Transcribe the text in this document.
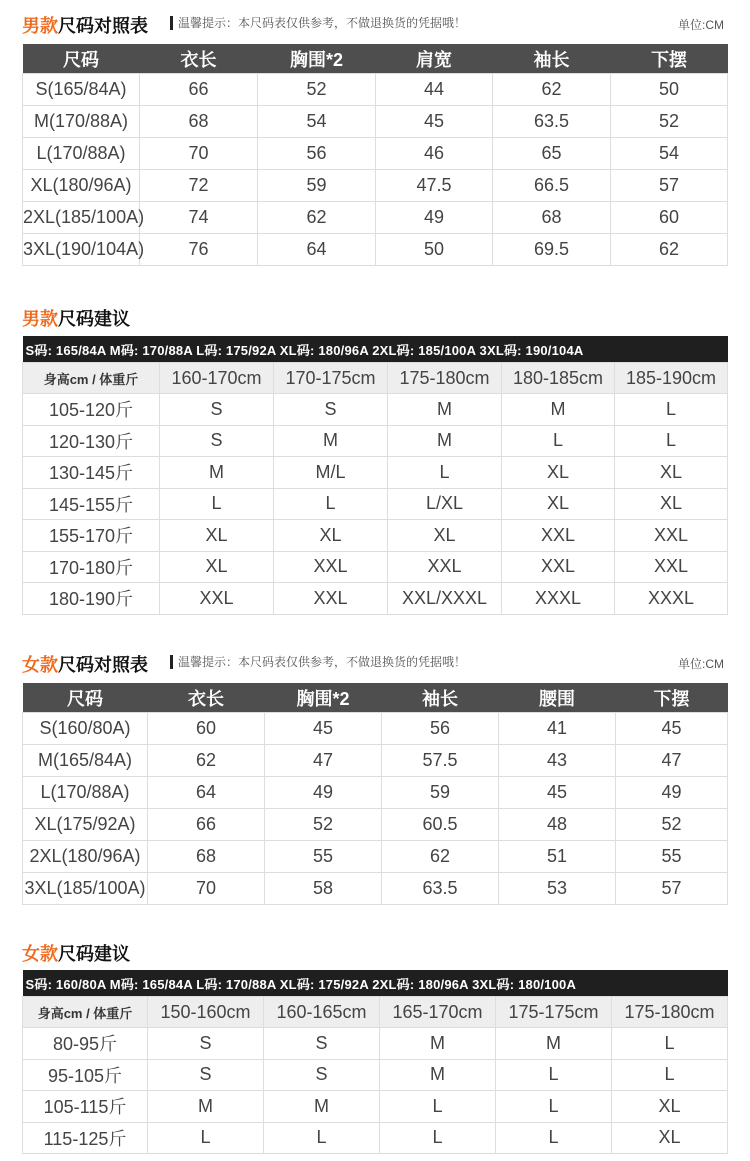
男款尺码对照表	温馨提示：本尺码表仅供参考，不做退换货的凭据哦！	单位:CM
尺码	衣长	胸围*2	肩宽	袖长	下摆
S(165/84A)	66	52	44	62	50
M(170/88A)	68	54	45	63.5	52
L(170/88A)	70	56	46	65	54
XL(180/96A)	72	59	47.5	66.5	57
2XL(185/100A)	74	62	49	68	60
3XL(190/104A)	76	64	50	69.5	62
男款尺码建议
S码: 165/84A M码: 170/88A L码: 175/92A XL码: 180/96A 2XL码: 185/100A 3XL码: 190/104A					
身高cm / 体重斤	160-170cm	170-175cm	175-180cm	180-185cm	185-190cm
105-120斤	S	S	M	M	L
120-130斤	S	M	M	L	L
130-145斤	M	M/L	L	XL	XL
145-155斤	L	L	L/XL	XL	XL
155-170斤	XL	XL	XL	XXL	XXL
170-180斤	XL	XXL	XXL	XXL	XXL
180-190斤	XXL	XXL	XXL/XXXL	XXXL	XXXL
女款尺码对照表	温馨提示：本尺码表仅供参考，不做退换货的凭据哦！	单位:CM
尺码	衣长	胸围*2	袖长	腰围	下摆
S(160/80A)	60	45	56	41	45
M(165/84A)	62	47	57.5	43	47
L(170/88A)	64	49	59	45	49
XL(175/92A)	66	52	60.5	48	52
2XL(180/96A)	68	55	62	51	55
3XL(185/100A)	70	58	63.5	53	57
女款尺码建议
S码: 160/80A M码: 165/84A L码: 170/88A XL码: 175/92A 2XL码: 180/96A 3XL码: 180/100A					
身高cm / 体重斤	150-160cm	160-165cm	165-170cm	175-175cm	175-180cm
80-95斤	S	S	M	M	L
95-105斤	S	S	M	L	L
105-115斤	M	M	L	L	XL
115-125斤	L	L	L	L	XL
